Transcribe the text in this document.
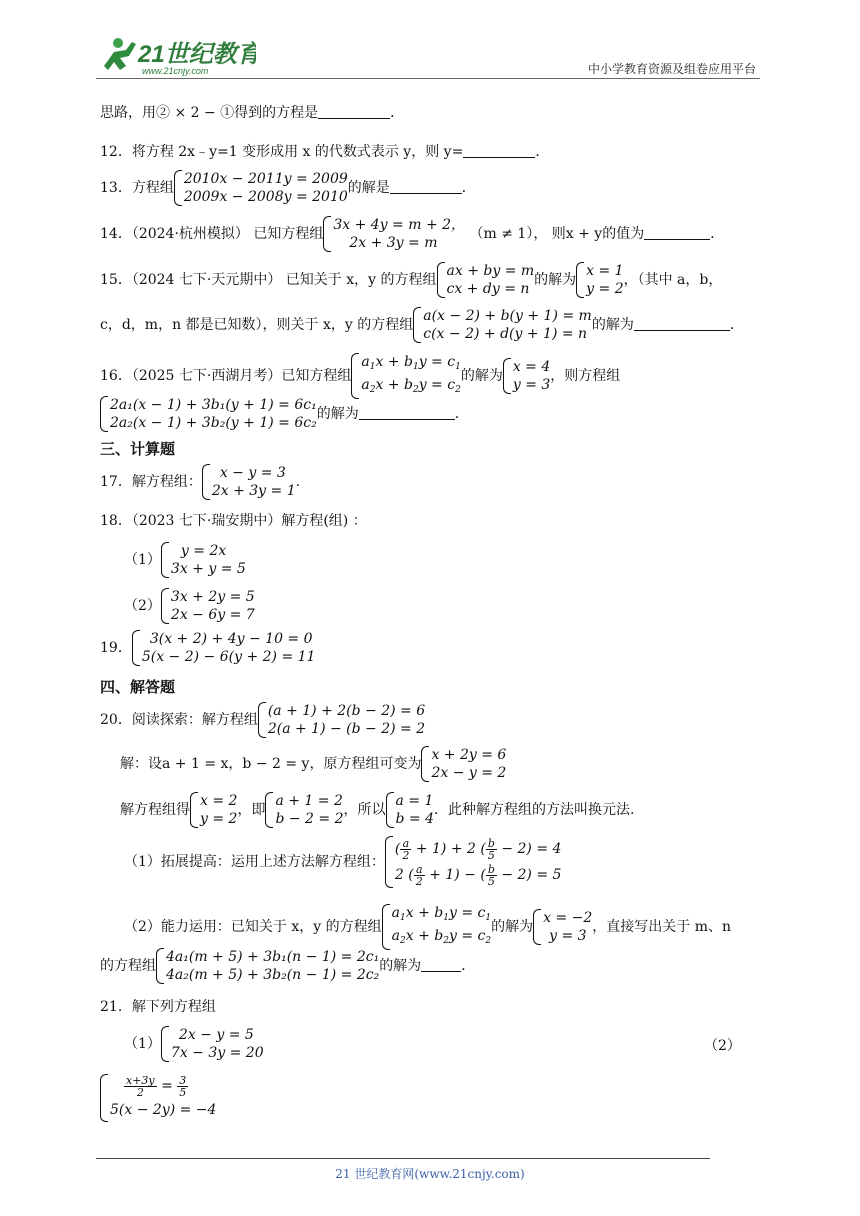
21世纪教育
www.21cnjy.com	中小学教育资源及组卷应用平台
思路，用② × 2 − ①得到的方程是	．
12．将方程 2x﹣y=1 变形成用 x 的代数式表示 y，则 y=	．
13．方程组
2010x − 2011y = 2009
2009x − 2008y = 2010
的解是	．
14．（2024·杭州模拟） 已知方程组
3x + 4y = m + 2，
2x + 3y = m
（m ≠ 1）， 则x + y的值为	．
15．（2024 七下·天元期中） 已知关于 x，y 的方程组
ax + by = m
cx + dy = n
的解为
x = 1
y = 2
，（其中 a，b，
c，d，m，n 都是已知数），则关于 x，y 的方程组
a(x − 2) + b(y + 1) = m
c(x − 2) + d(y + 1) = n
的解为	．
16．（2025 七下·西湖月考）已知方程组
$a_1x + b_1y = c_1$
$a_2x + b_2y = c_2$
的解为
x = 4
y = 3
，则方程组
2a₁(x − 1) + 3b₁(y + 1) = 6c₁
2a₂(x − 1) + 3b₂(y + 1) = 6c₂
的解为	．
三、计算题
17．解方程组：
x − y = 3
2x + 3y = 1
.
18．（2023 七下·瑞安期中）解方程(组) ：
（1）
y = 2x
3x + y = 5
（2）
3x + 2y = 5
2x − 6y = 7
19．
3(x + 2) + 4y − 10 = 0
5(x − 2) − 6(y + 2) = 11
四、解答题
20．阅读探索：解方程组
(a + 1) + 2(b − 2) = 6
2(a + 1) − (b − 2) = 2
解：设a + 1 = x，b − 2 = y，原方程组可变为
x + 2y = 6
2x − y = 2
解方程组得
x = 2
y = 2
，即
a + 1 = 2
b − 2 = 2
，所以
a = 1
b = 4
．此种解方程组的方法叫换元法.
（1）拓展提高：运用上述方法解方程组：
( $\frac{a}{2} + 1) + 2$ ( $\frac{b}{5} - 2) = 4$
2 ( $\frac{a}{2} + 1$) − ( $\frac{b}{5} - 2) = 5$
（2）能力运用：已知关于 x，y 的方程组
$a_1x + b_1y = c_1$
$a_2x + b_2y = c_2$
的解为
x = −2
y = 3
，直接写出关于 m、n
的方程组
4a₁(m + 5) + 3b₁(n − 1) = 2c₁
4a₂(m + 5) + 3b₂(n − 1) = 2c₂
的解为	．
21．解下列方程组
（1）
2x − y = 5
7x − 3y = 20	（2）
$\frac{x+3y}{2} = \frac{3}{5}$
5(x − 2y) = −4
21 世纪教育网(www.21cnjy.com)
